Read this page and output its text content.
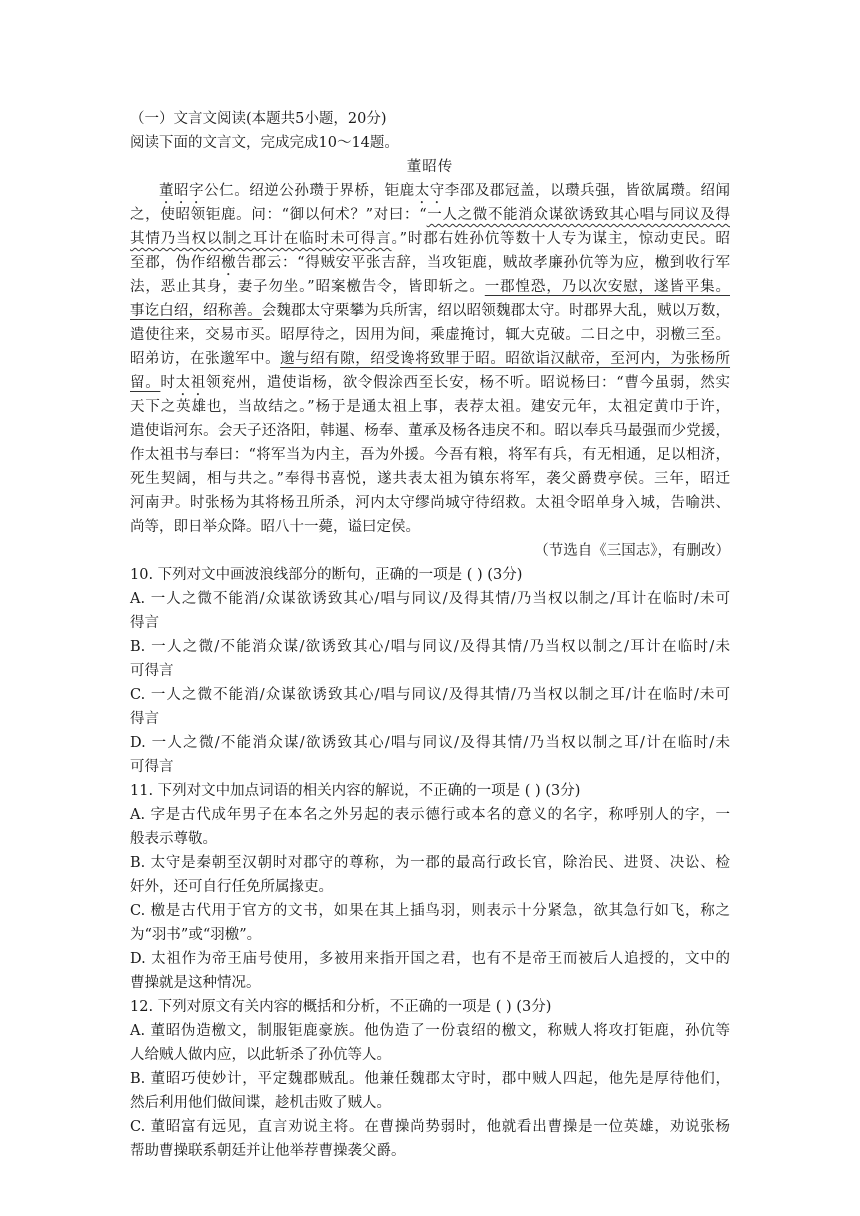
（一）文言文阅读(本题共5小题，20分)
阅读下面的文言文，完成完成10～14题。
董昭传
董昭字公仁。绍逆公孙瓒于界桥，钜鹿太守李邵及郡冠盖，以瓒兵强，皆欲属瓒。绍闻
之，使昭领钜鹿。问：“御以何术？”对曰：“一人之微不能消众谋欲诱致其心唱与同议及得
其情乃当权以制之耳计在临时未可得言。”时郡右姓孙伉等数十人专为谋主，惊动吏民。昭
至郡，伪作绍檄告郡云：“得贼安平张吉辞，当攻钜鹿，贼故孝廉孙伉等为应，檄到收行军
法，恶止其身，妻子勿坐。”昭案檄告令，皆即斩之。一郡惶恐，乃以次安慰，遂皆平集。
事讫白绍，绍称善。会魏郡太守栗攀为兵所害，绍以昭领魏郡太守。时郡界大乱，贼以万数，
遣使往来，交易市买。昭厚待之，因用为间，乘虚掩讨，辄大克破。二日之中，羽檄三至。
昭弟访，在张邈军中。邈与绍有隙，绍受谗将致罪于昭。昭欲诣汉献帝，至河内，为张杨所
留。时太祖领兖州，遣使诣杨，欲令假涂西至长安，杨不听。昭说杨曰：“曹今虽弱，然实
天下之英雄也，当故结之。”杨于是通太祖上事，表荐太祖。建安元年，太祖定黄巾于许，
遣使诣河东。会天子还洛阳，韩暹、杨奉、董承及杨各违戾不和。昭以奉兵马最强而少党援，
作太祖书与奉曰：“将军当为内主，吾为外援。今吾有粮，将军有兵，有无相通，足以相济，
死生契阔，相与共之。”奉得书喜悦，遂共表太祖为镇东将军，袭父爵费亭侯。三年，昭迁
河南尹。时张杨为其将杨丑所杀，河内太守缪尚城守待绍救。太祖令昭单身入城，告喻洪、
尚等，即日举众降。昭八十一薨，谥曰定侯。
（节选自《三国志》，有删改）
10. 下列对文中画波浪线部分的断句，正确的一项是 ( ) (3分)
A. 一人之微不能消/众谋欲诱致其心/唱与同议/及得其情/乃当权以制之/耳计在临时/未可
得言
B. 一人之微/不能消众谋/欲诱致其心/唱与同议/及得其情/乃当权以制之/耳计在临时/未
可得言
C. 一人之微不能消/众谋欲诱致其心/唱与同议/及得其情/乃当权以制之耳/计在临时/未可
得言
D. 一人之微/不能消众谋/欲诱致其心/唱与同议/及得其情/乃当权以制之耳/计在临时/未
可得言
11. 下列对文中加点词语的相关内容的解说，不正确的一项是 ( ) (3分)
A. 字是古代成年男子在本名之外另起的表示德行或本名的意义的名字，称呼别人的字，一
般表示尊敬。
B. 太守是秦朝至汉朝时对郡守的尊称，为一郡的最高行政长官，除治民、进贤、决讼、检
奸外，还可自行任免所属掾吏。
C. 檄是古代用于官方的文书，如果在其上插鸟羽，则表示十分紧急，欲其急行如飞，称之
为“羽书”或“羽檄”。
D. 太祖作为帝王庙号使用，多被用来指开国之君，也有不是帝王而被后人追授的，文中的
曹操就是这种情况。
12. 下列对原文有关内容的概括和分析，不正确的一项是 ( ) (3分)
A. 董昭伪造檄文，制服钜鹿豪族。他伪造了一份袁绍的檄文，称贼人将攻打钜鹿，孙伉等
人给贼人做内应，以此斩杀了孙伉等人。
B. 董昭巧使妙计，平定魏郡贼乱。他兼任魏郡太守时，郡中贼人四起，他先是厚待他们，
然后利用他们做间谍，趁机击败了贼人。
C. 董昭富有远见，直言劝说主将。在曹操尚势弱时，他就看出曹操是一位英雄，劝说张杨
帮助曹操联系朝廷并让他举荐曹操袭父爵。
